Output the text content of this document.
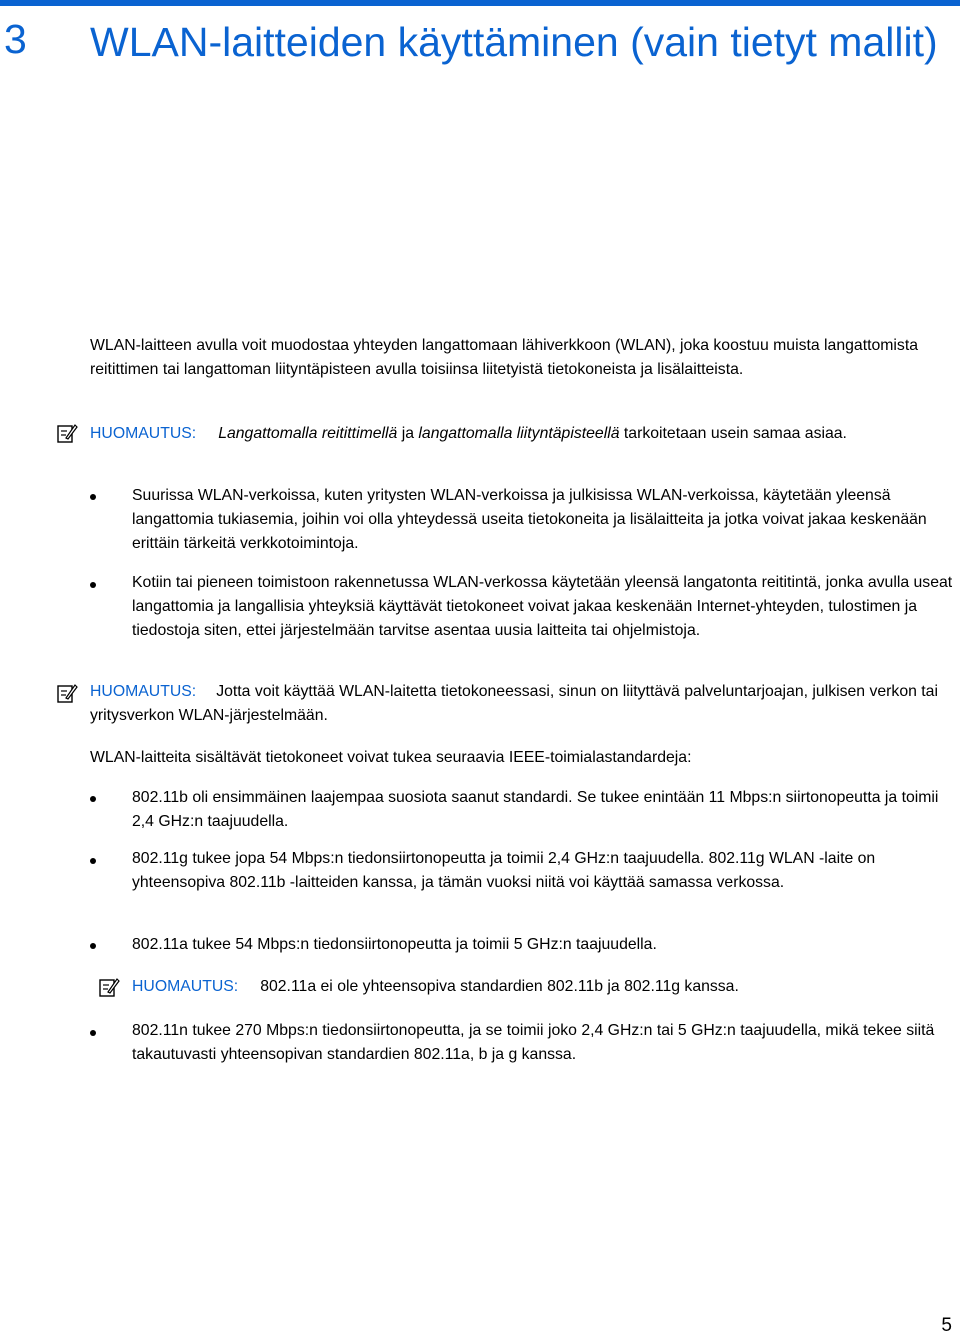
3 WLAN-laitteiden käyttäminen (vain tietyt mallit)

WLAN-laitteen avulla voit muodostaa yhteyden langattomaan lähiverkkoon (WLAN), joka koostuu muista langattomista reitittimen tai langattoman liityntäpisteen avulla toisiinsa liitetyistä tietokoneista ja lisälaitteista.

HUOMAUTUS: Langattomalla reitittimellä ja langattomalla liityntäpisteellä tarkoitetaan usein samaa asiaa.

Suurissa WLAN-verkoissa, kuten yritysten WLAN-verkoissa ja julkisissa WLAN-verkoissa, käytetään yleensä langattomia tukiasemia, joihin voi olla yhteydessä useita tietokoneita ja lisälaitteita ja jotka voivat jakaa keskenään erittäin tärkeitä verkkotoimintoja.

Kotiin tai pieneen toimistoon rakennetussa WLAN-verkossa käytetään yleensä langatonta reititintä, jonka avulla useat langattomia ja langallisia yhteyksiä käyttävät tietokoneet voivat jakaa keskenään Internet-yhteyden, tulostimen ja tiedostoja siten, ettei järjestelmään tarvitse asentaa uusia laitteita tai ohjelmistoja.

HUOMAUTUS: Jotta voit käyttää WLAN-laitetta tietokoneessasi, sinun on liityttävä palveluntarjoajan, julkisen verkon tai yritysverkon WLAN-järjestelmään.

WLAN-laitteita sisältävät tietokoneet voivat tukea seuraavia IEEE-toimialastandardeja:

802.11b oli ensimmäinen laajempaa suosiota saanut standardi. Se tukee enintään 11 Mbps:n siirtonopeutta ja toimii 2,4 GHz:n taajuudella.

802.11g tukee jopa 54 Mbps:n tiedonsiirtonopeutta ja toimii 2,4 GHz:n taajuudella. 802.11g WLAN -laite on yhteensopiva 802.11b -laitteiden kanssa, ja tämän vuoksi niitä voi käyttää samassa verkossa.

802.11a tukee 54 Mbps:n tiedonsiirtonopeutta ja toimii 5 GHz:n taajuudella.

HUOMAUTUS: 802.11a ei ole yhteensopiva standardien 802.11b ja 802.11g kanssa.

802.11n tukee 270 Mbps:n tiedonsiirtonopeutta, ja se toimii joko 2,4 GHz:n tai 5 GHz:n taajuudella, mikä tekee siitä takautuvasti yhteensopivan standardien 802.11a, b ja g kanssa.

5
